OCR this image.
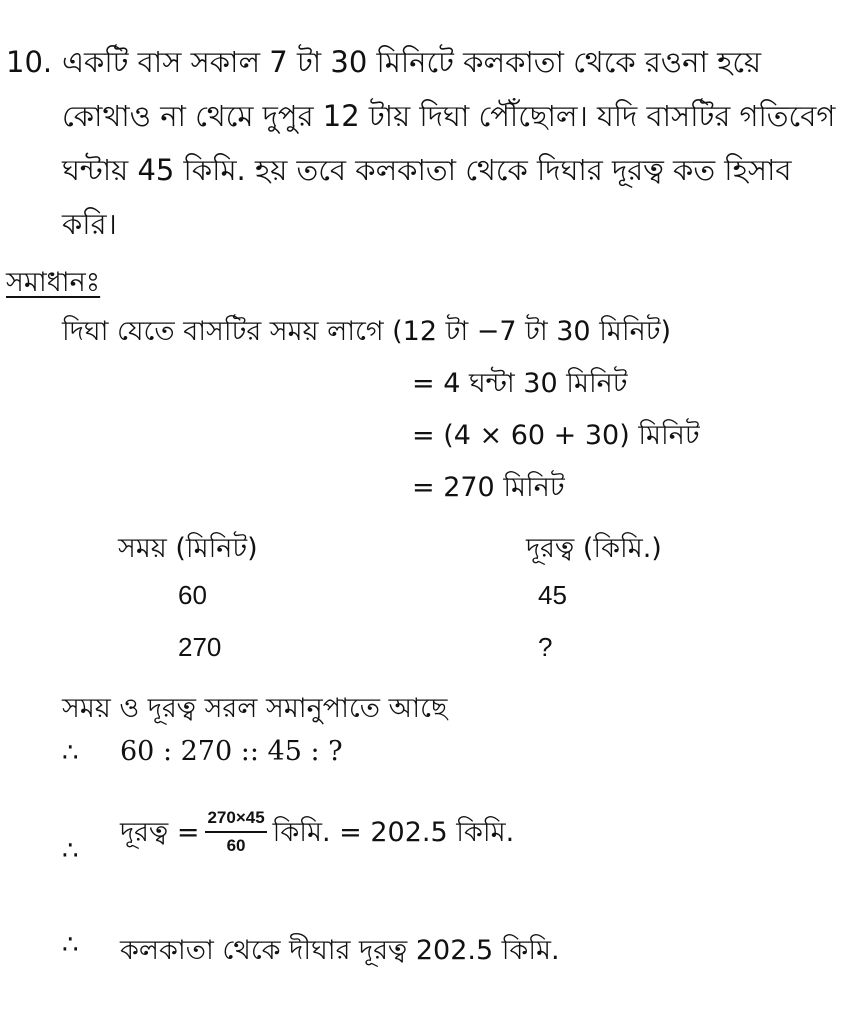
10. একটি বাস সকাল 7 টা 30 মিনিটে কলকাতা থেকে রওনা হয়ে
কোথাও না থেমে দুপুর 12 টায় দিঘা পৌঁছোল। যদি বাসটির গতিবেগ
ঘন্টায় 45 কিমি. হয় তবে কলকাতা থেকে দিঘার দূরত্ব কত হিসাব
করি।
সমাধানঃ
দিঘা যেতে বাসটির সময় লাগে (12 টা −7 টা 30 মিনিট)
= 4 ঘন্টা 30 মিনিট
= (4 × 60 + 30) মিনিট
= 270 মিনিট
সময় (মিনিট)	দূরত্ব (কিমি.)
60	45
270	?
সময় ও দূরত্ব সরল সমানুপাতে আছে
∴ 60 : 270 :: 45 : ?
∴
দূরত্ব = $\frac{270\times 45}{60}$ কিমি. = 202.5 কিমি.
∴ কলকাতা থেকে দীঘার দূরত্ব 202.5 কিমি.
